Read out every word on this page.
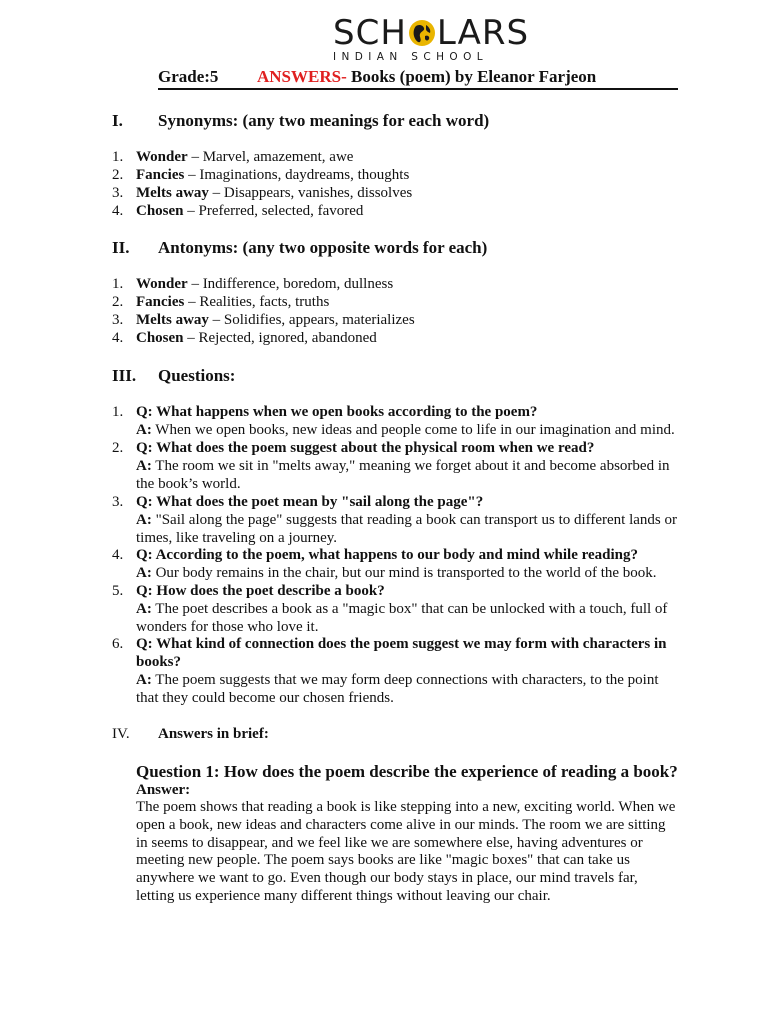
SCH LARS
INDIAN SCHOOL
Grade:5 ANSWERS- Books (poem) by Eleanor Farjeon
I. Synonyms: (any two meanings for each word)
1. Wonder – Marvel, amazement, awe
2. Fancies – Imaginations, daydreams, thoughts
3. Melts away – Disappears, vanishes, dissolves
4. Chosen – Preferred, selected, favored
II. Antonyms: (any two opposite words for each)
1. Wonder – Indifference, boredom, dullness
2. Fancies – Realities, facts, truths
3. Melts away – Solidifies, appears, materializes
4. Chosen – Rejected, ignored, abandoned
III. Questions:
1. Q: What happens when we open books according to the poem?
A: When we open books, new ideas and people come to life in our imagination and mind.
2. Q: What does the poem suggest about the physical room when we read?
A: The room we sit in "melts away," meaning we forget about it and become absorbed in the book’s world.
3. Q: What does the poet mean by "sail along the page"?
A: "Sail along the page" suggests that reading a book can transport us to different lands or times, like traveling on a journey.
4. Q: According to the poem, what happens to our body and mind while reading?
A: Our body remains in the chair, but our mind is transported to the world of the book.
5. Q: How does the poet describe a book?
A: The poet describes a book as a "magic box" that can be unlocked with a touch, full of wonders for those who love it.
6. Q: What kind of connection does the poem suggest we may form with characters in books?
A: The poem suggests that we may form deep connections with characters, to the point that they could become our chosen friends.
IV. Answers in brief:
Question 1: How does the poem describe the experience of reading a book?
Answer:
The poem shows that reading a book is like stepping into a new, exciting world. When we open a book, new ideas and characters come alive in our minds. The room we are sitting in seems to disappear, and we feel like we are somewhere else, having adventures or meeting new people. The poem says books are like "magic boxes" that can take us anywhere we want to go. Even though our body stays in place, our mind travels far, letting us experience many different things without leaving our chair.
